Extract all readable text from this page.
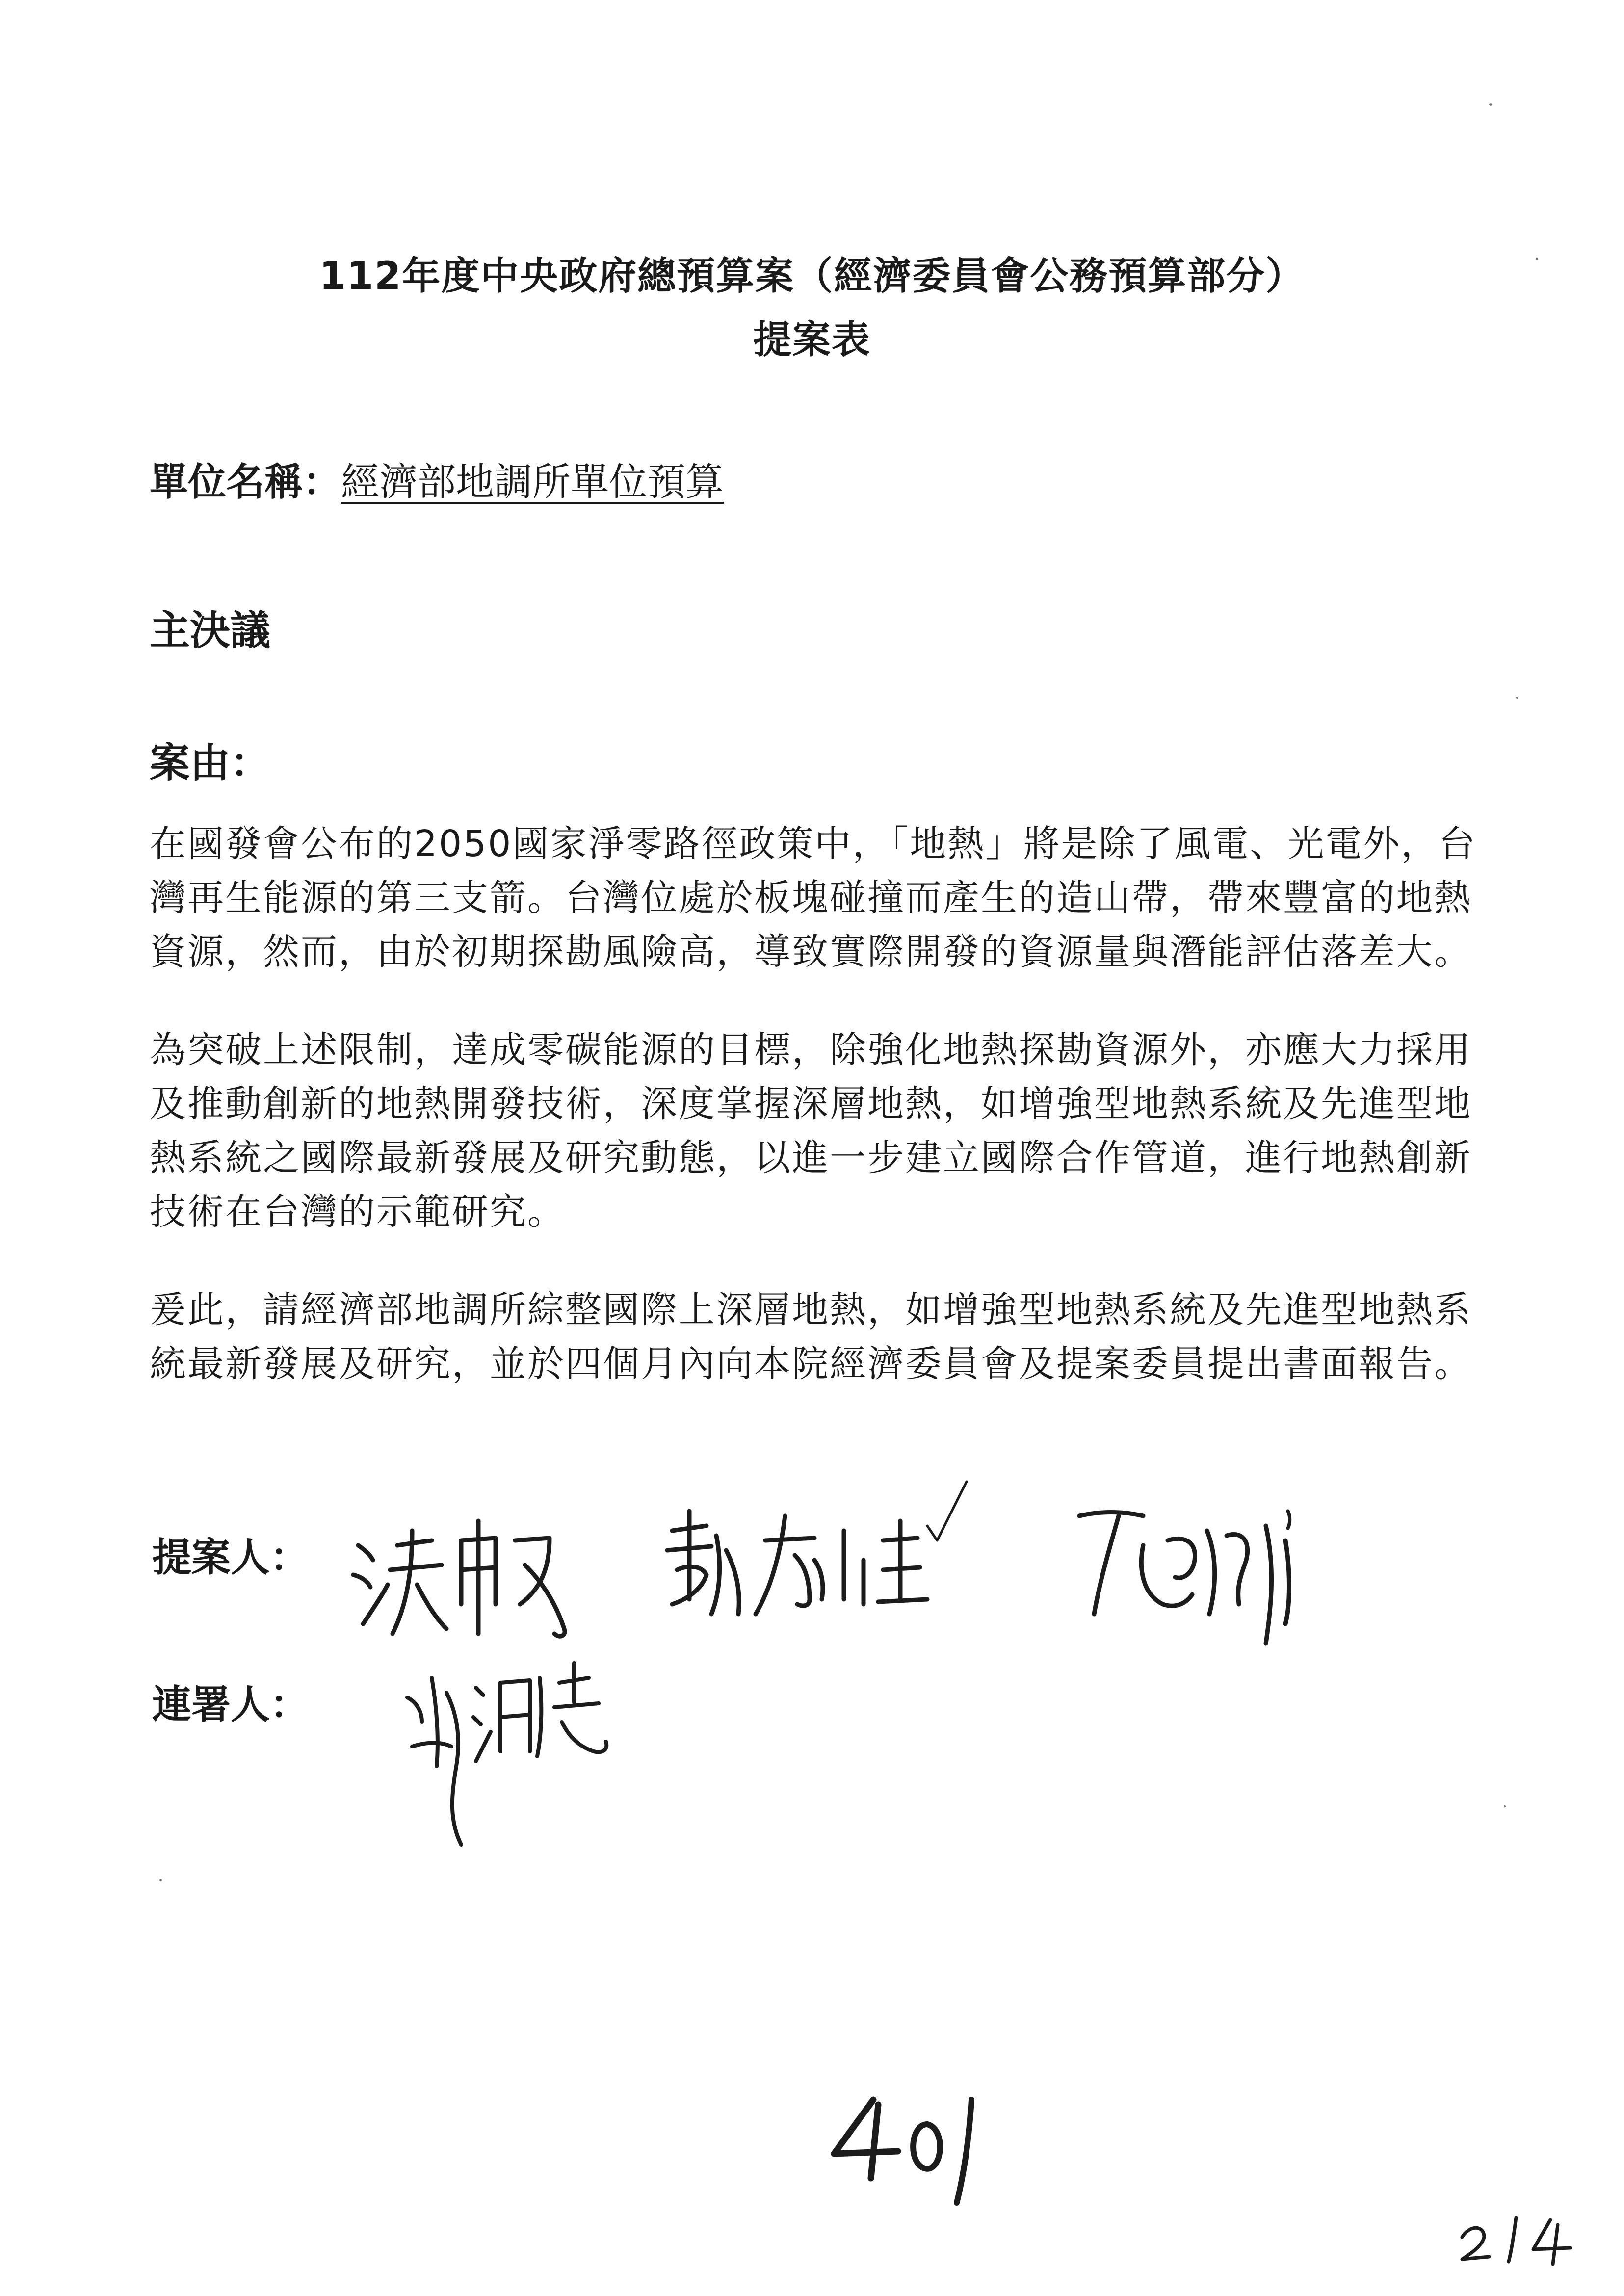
112年度中央政府總預算案（經濟委員會公務預算部分）
提案表
單位名稱：經濟部地調所單位預算
主決議
案由：
在國發會公布的2050國家淨零路徑政策中，「地熱」將是除了風電、光電外，台
灣再生能源的第三支箭。台灣位處於板塊碰撞而產生的造山帶，帶來豐富的地熱
資源，然而，由於初期探勘風險高，導致實際開發的資源量與潛能評估落差大。
為突破上述限制，達成零碳能源的目標，除強化地熱探勘資源外，亦應大力採用
及推動創新的地熱開發技術，深度掌握深層地熱，如增強型地熱系統及先進型地
熱系統之國際最新發展及研究動態，以進一步建立國際合作管道，進行地熱創新
技術在台灣的示範研究。
爰此，請經濟部地調所綜整國際上深層地熱，如增強型地熱系統及先進型地熱系
統最新發展及研究，並於四個月內向本院經濟委員會及提案委員提出書面報告。
提案人：
連署人：
